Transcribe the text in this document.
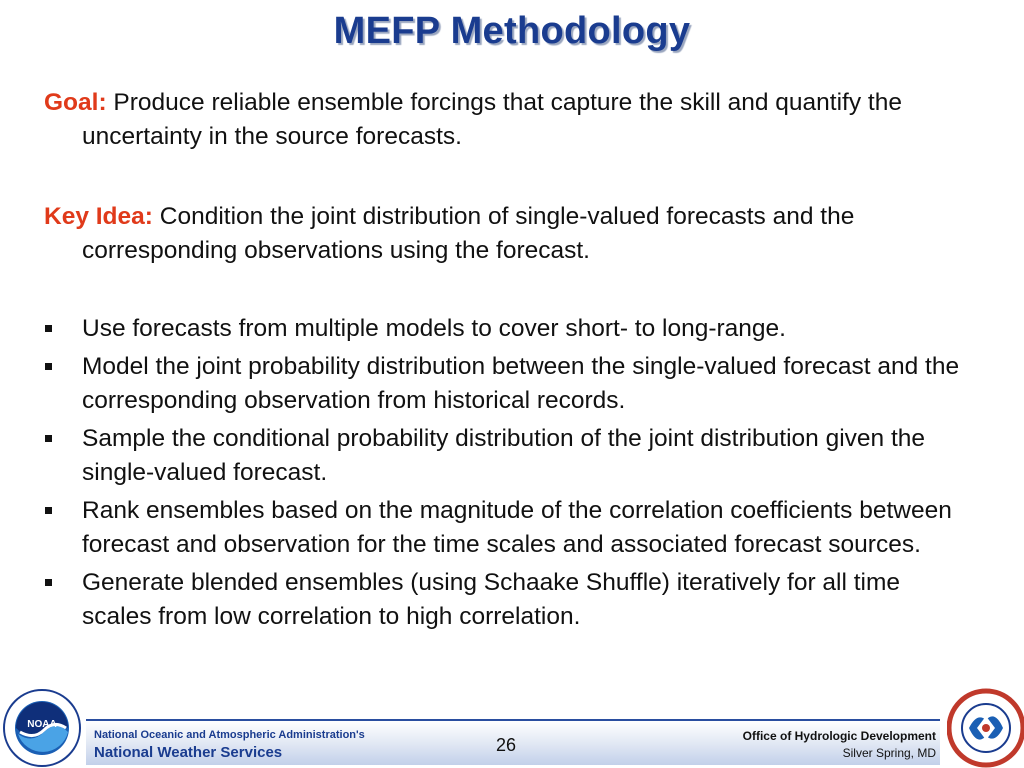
MEFP Methodology

Goal: Produce reliable ensemble forcings that capture the skill and quantify the uncertainty in the source forecasts.

Key Idea: Condition the joint distribution of single-valued forecasts and the corresponding observations using the forecast.

Use forecasts from multiple models to cover short- to long-range.
Model the joint probability distribution between the single-valued forecast and the corresponding observation from historical records.
Sample the conditional probability distribution of the joint distribution given the single-valued forecast.
Rank ensembles based on the magnitude of the correlation coefficients between forecast and observation for the time scales and associated forecast sources.
Generate blended ensembles (using Schaake Shuffle) iteratively for all time scales from low correlation to high correlation.
NOAA
National Oceanic and Atmospheric Administration's
National Weather Services	26	Office of Hydrologic Development
Silver Spring, MD
